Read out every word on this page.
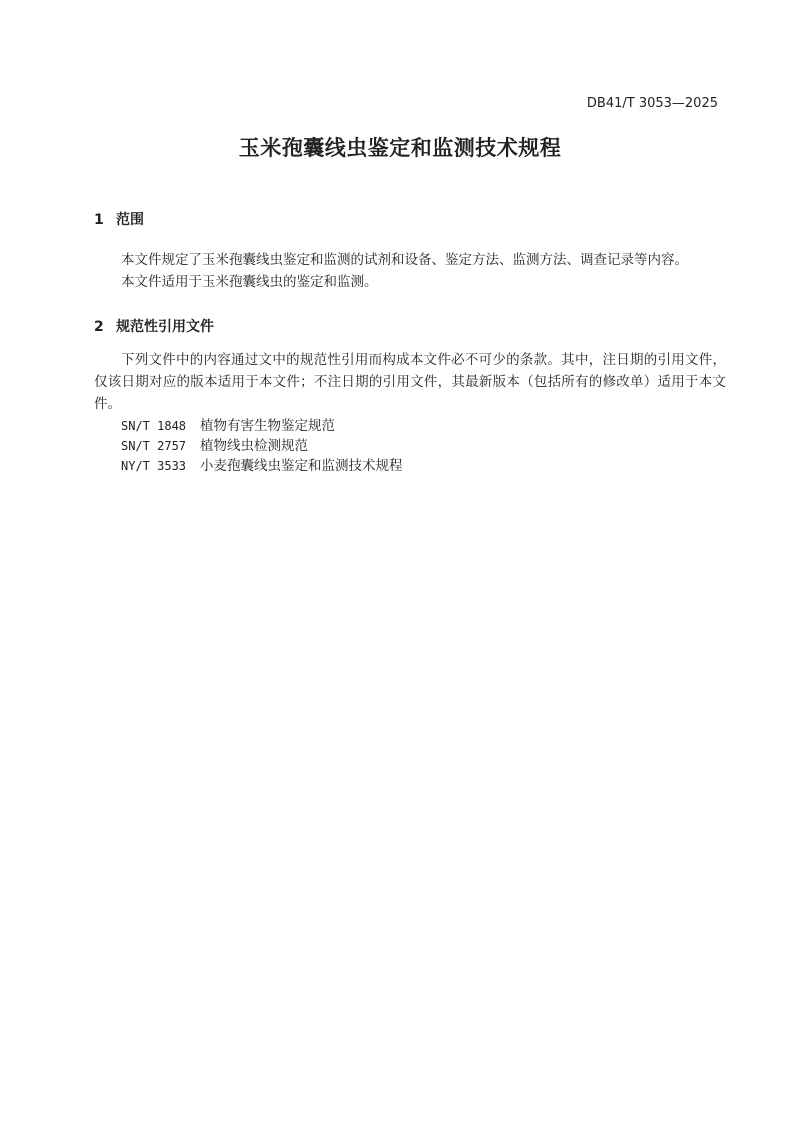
DB41/T 3053—2025
玉米孢囊线虫鉴定和监测技术规程
1 范围
本文件规定了玉米孢囊线虫鉴定和监测的试剂和设备、鉴定方法、监测方法、调查记录等内容。
本文件适用于玉米孢囊线虫的鉴定和监测。
2 规范性引用文件

下列文件中的内容通过文中的规范性引用而构成本文件必不可少的条款。其中，注日期的引用文件，仅该日期对应的版本适用于本文件；不注日期的引用文件，其最新版本（包括所有的修改单）适用于本文件。

SN/T 1848 植物有害生物鉴定规范
SN/T 2757 植物线虫检测规范
NY/T 3533 小麦孢囊线虫鉴定和监测技术规程
